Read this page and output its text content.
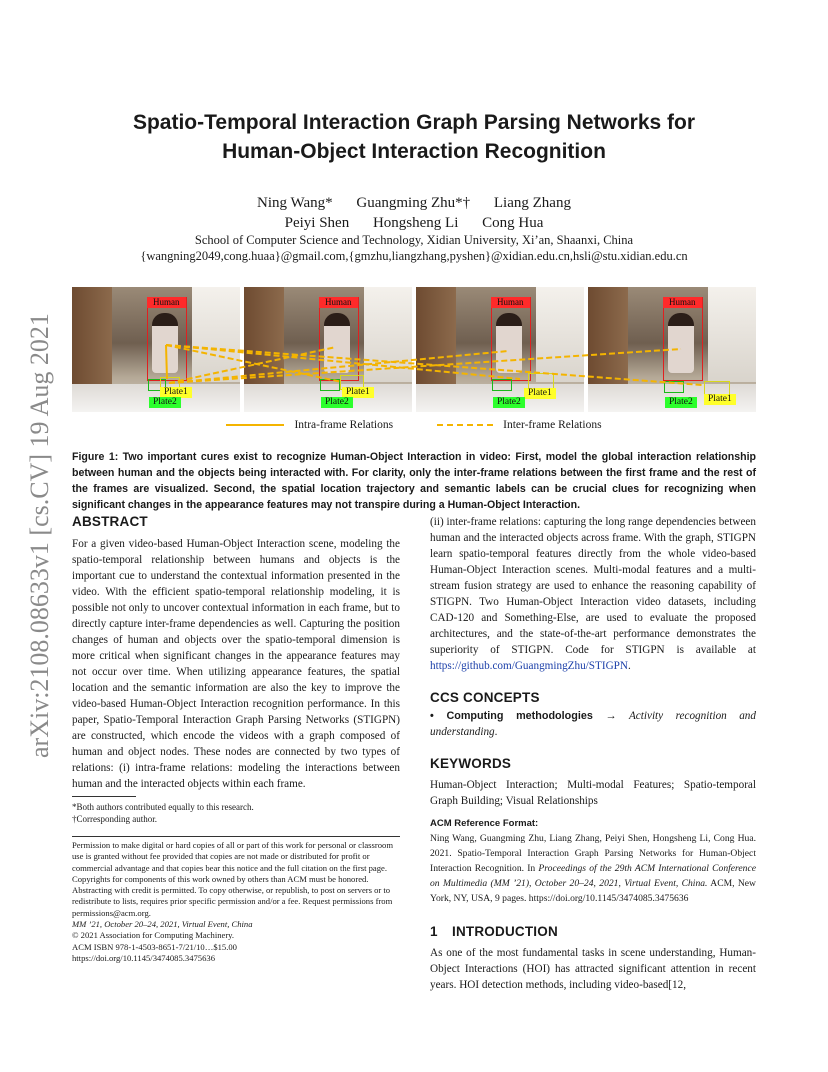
arXiv:2108.08633v1 [cs.CV] 19 Aug 2021
Spatio-Temporal Interaction Graph Parsing Networks for
Human-Object Interaction Recognition
Ning Wang* Guangming Zhu*† Liang Zhang
Peiyi Shen Hongsheng Li Cong Hua
School of Computer Science and Technology, Xidian University, Xi’an, Shaanxi, China
{wangning2049,cong.huaa}@gmail.com,{gmzhu,liangzhang,pyshen}@xidian.edu.cn,hsli@stu.xidian.edu.cn
Human
Plate1
Plate2
Human
Plate1
Plate2
Human
Plate1
Plate2
Human
Plate1
Plate2
Intra-frame Relations	Inter-frame Relations

Figure 1: Two important cures exist to recognize Human-Object Interaction in video: First, model the global interaction relationship between human and the objects being interacted with. For clarity, only the inter-frame relations between the first frame and the rest of the frames are visualized. Second, the spatial location trajectory and semantic labels can be crucial clues for recognizing when significant changes in the appearance features may not transpire during a Human-Object Interaction.

ABSTRACT

For a given video-based Human-Object Interaction scene, modeling the spatio-temporal relationship between humans and objects is the important cue to understand the contextual information presented in the video. With the efficient spatio-temporal relationship modeling, it is possible not only to uncover contextual information in each frame, but to directly capture inter-frame dependencies as well. Capturing the position changes of human and objects over the spatio-temporal dimension is more critical when significant changes in the appearance features may not occur over time. When utilizing appearance features, the spatial location and the semantic information are also the key to improve the video-based Human-Object Interaction recognition performance. In this paper, Spatio-Temporal Interaction Graph Parsing Networks (STIGPN) are constructed, which encode the videos with a graph composed of human and object nodes. These nodes are connected by two types of relations: (i) intra-frame relations: modeling the interactions between human and the interacted objects within each frame.

*Both authors contributed equally to this research.
†Corresponding author.

Permission to make digital or hard copies of all or part of this work for personal or classroom use is granted without fee provided that copies are not made or distributed for profit or commercial advantage and that copies bear this notice and the full citation on the first page. Copyrights for components of this work owned by others than ACM must be honored. Abstracting with credit is permitted. To copy otherwise, or republish, to post on servers or to redistribute to lists, requires prior specific permission and/or a fee. Request permissions from permissions@acm.org.

MM ’21, October 20–24, 2021, Virtual Event, China

© 2021 Association for Computing Machinery.

ACM ISBN 978-1-4503-8651-7/21/10…$15.00

https://doi.org/10.1145/3474085.3475636

(ii) inter-frame relations: capturing the long range dependencies between human and the interacted objects across frame. With the graph, STIGPN learn spatio-temporal features directly from the whole video-based Human-Object Interaction scenes. Multi-modal features and a multi-stream fusion strategy are used to enhance the reasoning capability of STIGPN. Two Human-Object Interaction video datasets, including CAD-120 and Something-Else, are used to evaluate the proposed architectures, and the state-of-the-art performance demonstrates the superiority of STIGPN. Code for STIGPN is available at https://github.com/GuangmingZhu/STIGPN.

CCS CONCEPTS

• Computing methodologies → Activity recognition and understanding.

KEYWORDS

Human-Object Interaction; Multi-modal Features; Spatio-temporal Graph Building; Visual Relationships

ACM Reference Format:

Ning Wang, Guangming Zhu, Liang Zhang, Peiyi Shen, Hongsheng Li, Cong Hua. 2021. Spatio-Temporal Interaction Graph Parsing Networks for Human-Object Interaction Recognition. In Proceedings of the 29th ACM International Conference on Multimedia (MM ’21), October 20–24, 2021, Virtual Event, China. ACM, New York, NY, USA, 9 pages. https://doi.org/10.1145/3474085.3475636

1 INTRODUCTION

As one of the most fundamental tasks in scene understanding, Human-Object Interactions (HOI) has attracted significant attention in recent years. HOI detection methods, including video-based[12,
